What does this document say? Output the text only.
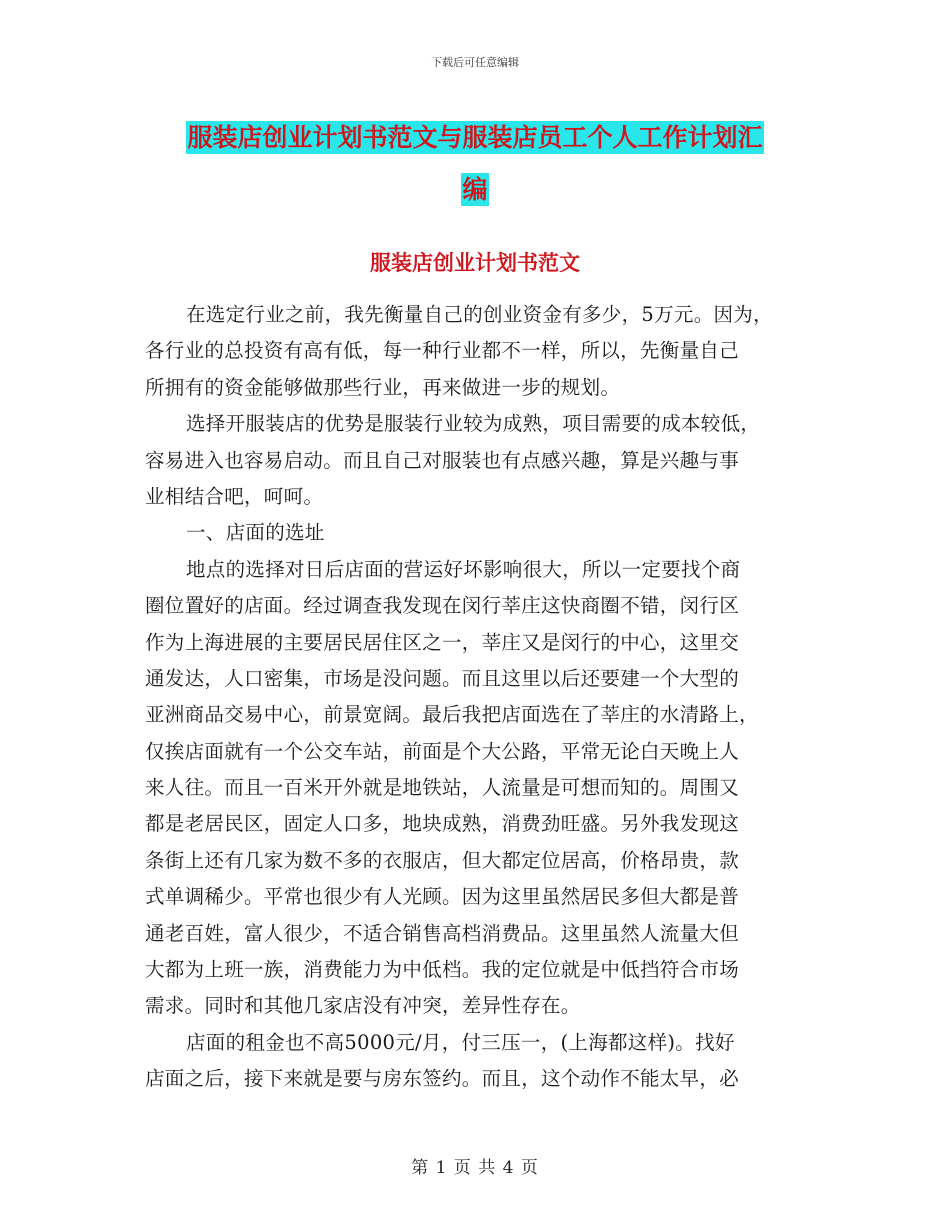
下载后可任意编辑
服装店创业计划书范文与服装店员工个人工作计划汇
编
服装店创业计划书范文
在选定行业之前，我先衡量自己的创业资金有多少，5万元。因为，
各行业的总投资有高有低，每一种行业都不一样，所以，先衡量自己
所拥有的资金能够做那些行业，再来做进一步的规划。
选择开服装店的优势是服装行业较为成熟，项目需要的成本较低，
容易进入也容易启动。而且自己对服装也有点感兴趣，算是兴趣与事
业相结合吧，呵呵。
一、店面的选址
地点的选择对日后店面的营运好坏影响很大，所以一定要找个商
圈位置好的店面。经过调查我发现在闵行莘庄这快商圈不错，闵行区
作为上海进展的主要居民居住区之一，莘庄又是闵行的中心，这里交
通发达，人口密集，市场是没问题。而且这里以后还要建一个大型的
亚洲商品交易中心，前景宽阔。最后我把店面选在了莘庄的水清路上，
仅挨店面就有一个公交车站，前面是个大公路，平常无论白天晚上人
来人往。而且一百米开外就是地铁站，人流量是可想而知的。周围又
都是老居民区，固定人口多，地块成熟，消费劲旺盛。另外我发现这
条街上还有几家为数不多的衣服店，但大都定位居高，价格昂贵，款
式单调稀少。平常也很少有人光顾。因为这里虽然居民多但大都是普
通老百姓，富人很少，不适合销售高档消费品。这里虽然人流量大但
大都为上班一族，消费能力为中低档。我的定位就是中低挡符合市场
需求。同时和其他几家店没有冲突，差异性存在。
店面的租金也不高5000元/月，付三压一，(上海都这样)。找好
店面之后，接下来就是要与房东签约。而且，这个动作不能太早，必
第 1 页 共 4 页
